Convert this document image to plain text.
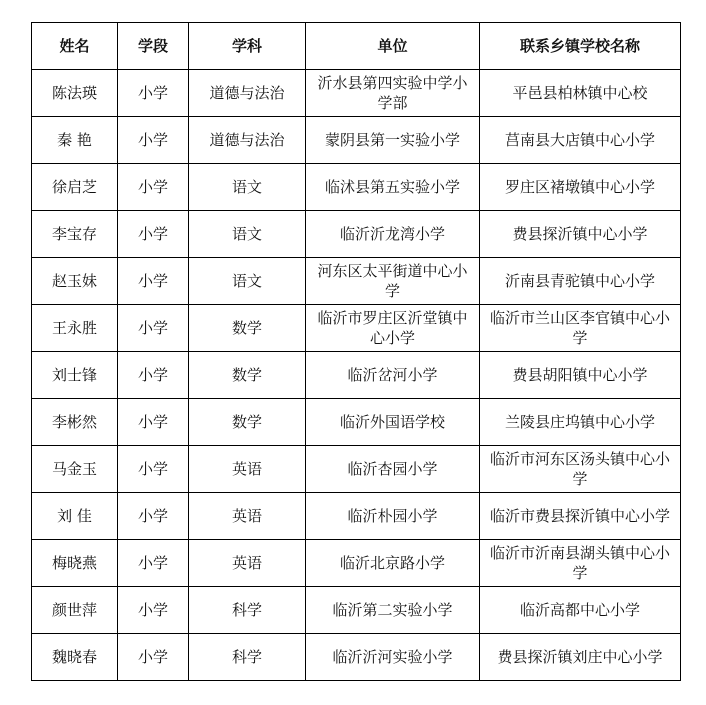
姓名	学段	学科	单位	联系乡镇学校名称
陈法瑛	小学	道德与法治	沂水县第四实验中学小学部	平邑县柏林镇中心校
秦 艳	小学	道德与法治	蒙阴县第一实验小学	莒南县大店镇中心小学
徐启芝	小学	语文	临沭县第五实验小学	罗庄区褚墩镇中心小学
李宝存	小学	语文	临沂沂龙湾小学	费县探沂镇中心小学
赵玉妹	小学	语文	河东区太平街道中心小学	沂南县青驼镇中心小学
王永胜	小学	数学	临沂市罗庄区沂堂镇中心小学	临沂市兰山区李官镇中心小学
刘士锋	小学	数学	临沂岔河小学	费县胡阳镇中心小学
李彬然	小学	数学	临沂外国语学校	兰陵县庄坞镇中心小学
马金玉	小学	英语	临沂杏园小学	临沂市河东区汤头镇中心小学
刘 佳	小学	英语	临沂朴园小学	临沂市费县探沂镇中心小学
梅晓燕	小学	英语	临沂北京路小学	临沂市沂南县湖头镇中心小学
颜世萍	小学	科学	临沂第二实验小学	临沂高都中心小学
魏晓春	小学	科学	临沂沂河实验小学	费县探沂镇刘庄中心小学
